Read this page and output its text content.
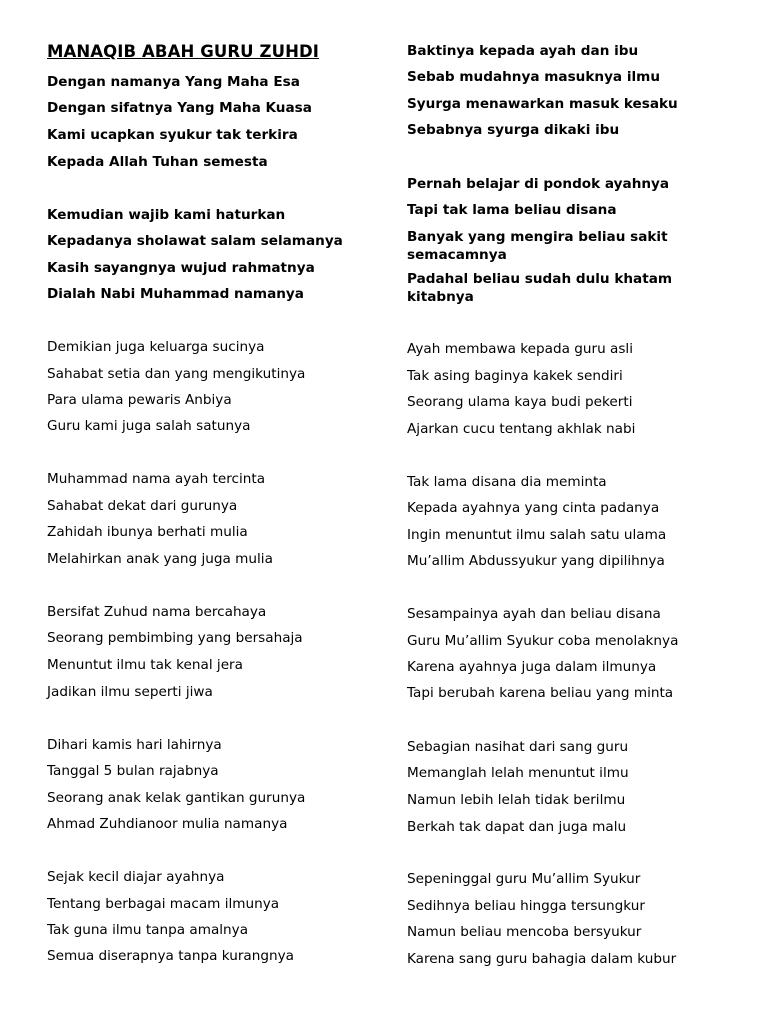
MANAQIB ABAH GURU ZUHDI
Dengan namanya Yang Maha Esa
Dengan sifatnya Yang Maha Kuasa
Kami ucapkan syukur tak terkira
Kepada Allah Tuhan semesta
Kemudian wajib kami haturkan
Kepadanya sholawat salam selamanya
Kasih sayangnya wujud rahmatnya
Dialah Nabi Muhammad namanya
Demikian juga keluarga sucinya
Sahabat setia dan yang mengikutinya
Para ulama pewaris Anbiya
Guru kami juga salah satunya
Muhammad nama ayah tercinta
Sahabat dekat dari gurunya
Zahidah ibunya berhati mulia
Melahirkan anak yang juga mulia
Bersifat Zuhud nama bercahaya
Seorang pembimbing yang bersahaja
Menuntut ilmu tak kenal jera
Jadikan ilmu seperti jiwa
Dihari kamis hari lahirnya
Tanggal 5 bulan rajabnya
Seorang anak kelak gantikan gurunya
Ahmad Zuhdianoor mulia namanya
Sejak kecil diajar ayahnya
Tentang berbagai macam ilmunya
Tak guna ilmu tanpa amalnya
Semua diserapnya tanpa kurangnya
Baktinya kepada ayah dan ibu
Sebab mudahnya masuknya ilmu
Syurga menawarkan masuk kesaku
Sebabnya syurga dikaki ibu
Pernah belajar di pondok ayahnya
Tapi tak lama beliau disana
Banyak yang mengira beliau sakit semacamnya
Padahal beliau sudah dulu khatam kitabnya
Ayah membawa kepada guru asli
Tak asing baginya kakek sendiri
Seorang ulama kaya budi pekerti
Ajarkan cucu tentang akhlak nabi
Tak lama disana dia meminta
Kepada ayahnya yang cinta padanya
Ingin menuntut ilmu salah satu ulama
Mu’allim Abdussyukur yang dipilihnya
Sesampainya ayah dan beliau disana
Guru Mu’allim Syukur coba menolaknya
Karena ayahnya juga dalam ilmunya
Tapi berubah karena beliau yang minta
Sebagian nasihat dari sang guru
Memanglah lelah menuntut ilmu
Namun lebih lelah tidak berilmu
Berkah tak dapat dan juga malu
Sepeninggal guru Mu’allim Syukur
Sedihnya beliau hingga tersungkur
Namun beliau mencoba bersyukur
Karena sang guru bahagia dalam kubur
